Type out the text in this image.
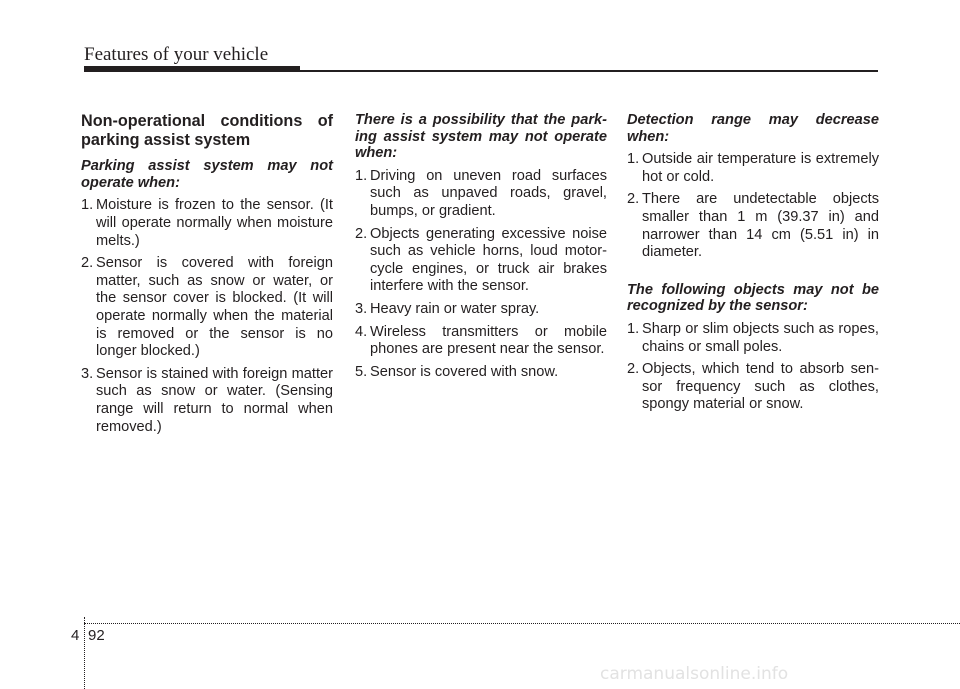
Features of your vehicle
Non-operational conditions of parking assist system
Parking assist system may not operate when:
1. Moisture is frozen to the sensor. (It will operate normally when moisture melts.)
2. Sensor is covered with foreign matter, such as snow or water, or the sensor cover is blocked. (It will operate normally when the material is removed or the sensor is no longer blocked.)
3. Sensor is stained with foreign matter such as snow or water. (Sensing range will return to normal when removed.)
There is a possibility that the parking assist system may not operate when:
1. Driving on uneven road surfaces such as unpaved roads, gravel, bumps, or gradient.
2. Objects generating excessive noise such as vehicle horns, loud motorcycle engines, or truck air brakes interfere with the sensor.
3. Heavy rain or water spray.
4. Wireless transmitters or mobile phones are present near the sensor.
5. Sensor is covered with snow.
Detection range may decrease when:
1. Outside air temperature is extremely hot or cold.
2. There are undetectable objects smaller than 1 m (39.37 in) and narrower than 14 cm (5.51 in) in diameter.
The following objects may not be recognized by the sensor:
1. Sharp or slim objects such as ropes, chains or small poles.
2. Objects, which tend to absorb sensor frequency such as clothes, spongy material or snow.
4 92
carmanualsonline.info
